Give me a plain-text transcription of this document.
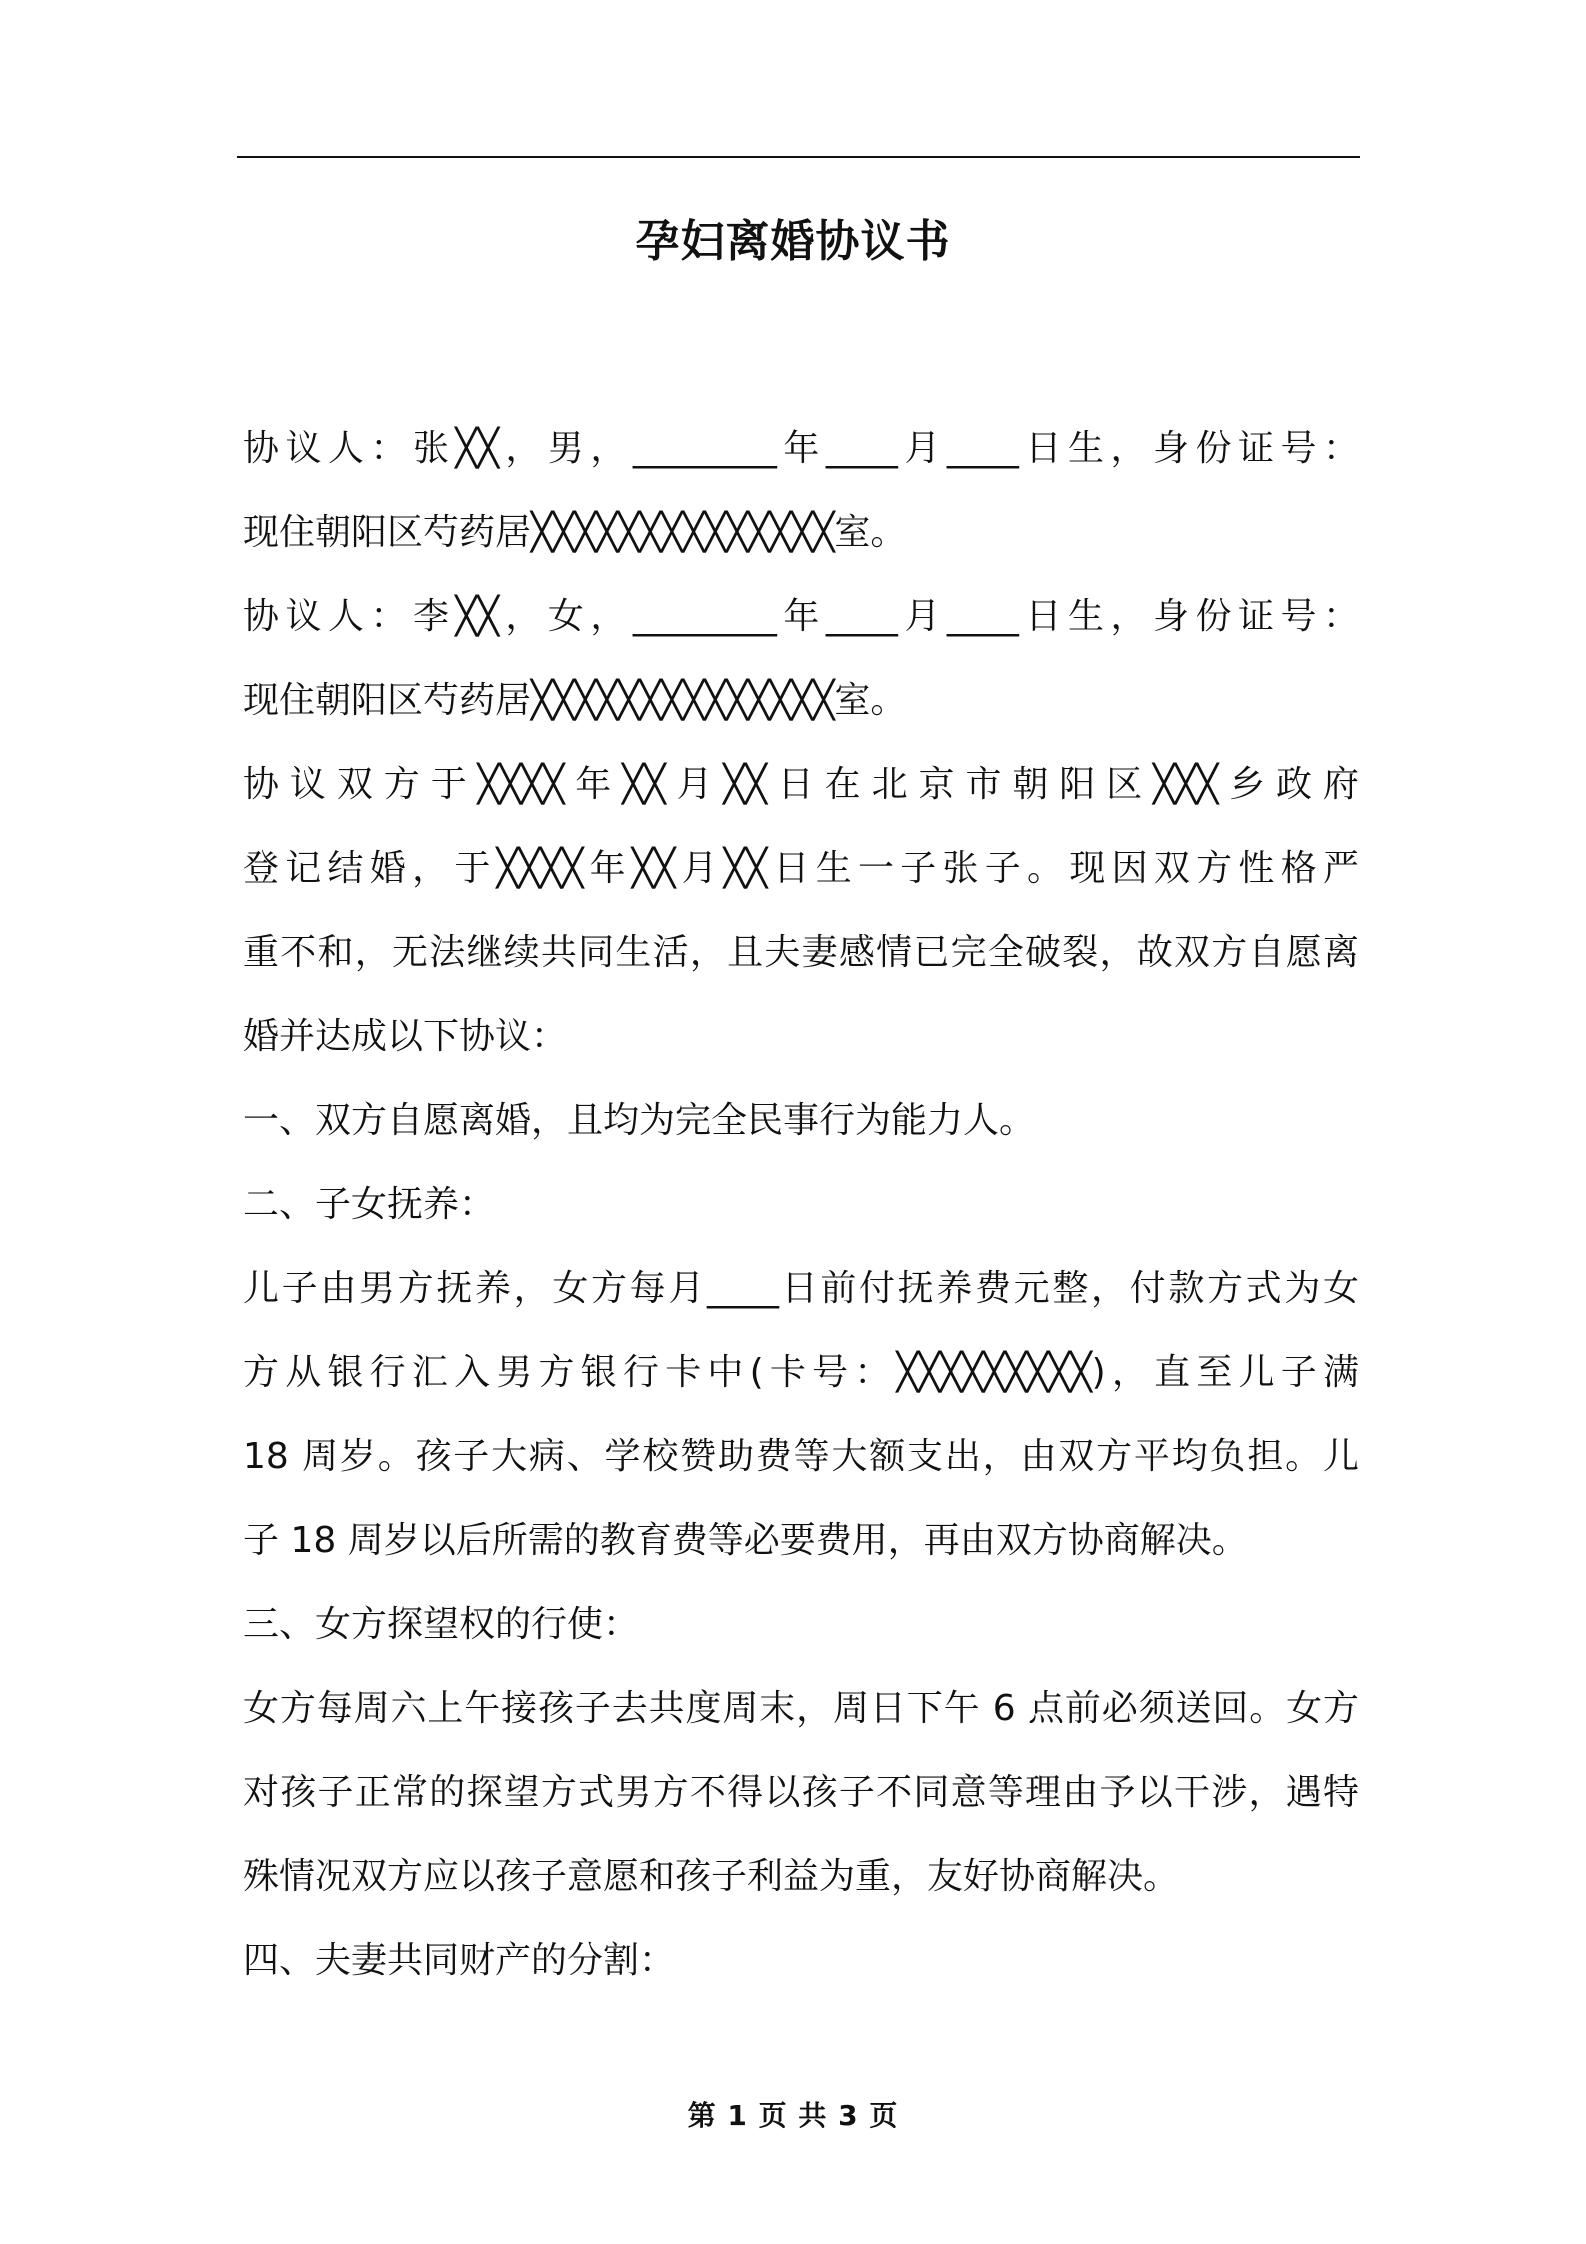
孕妇离婚协议书
协议人：张╳╳，男，________年____月____日生，身份证号：
现住朝阳区芍药居╳╳╳╳╳╳╳╳╳╳╳╳╳╳室。
协议人：李╳╳，女，________年____月____日生，身份证号：
现住朝阳区芍药居╳╳╳╳╳╳╳╳╳╳╳╳╳╳室。
协议双方于╳╳╳╳年╳╳月╳╳日在北京市朝阳区╳╳╳乡政府
登记结婚，于╳╳╳╳年╳╳月╳╳日生一子张子。现因双方性格严
重不和，无法继续共同生活，且夫妻感情已完全破裂，故双方自愿离
婚并达成以下协议：
一、双方自愿离婚，且均为完全民事行为能力人。
二、子女抚养：
儿子由男方抚养，女方每月____日前付抚养费元整，付款方式为女
方从银行汇入男方银行卡中(卡号：╳╳╳╳╳╳╳╳╳)，直至儿子满
18 周岁。孩子大病、学校赞助费等大额支出，由双方平均负担。儿
子 18 周岁以后所需的教育费等必要费用，再由双方协商解决。
三、女方探望权的行使：
女方每周六上午接孩子去共度周末，周日下午 6 点前必须送回。女方
对孩子正常的探望方式男方不得以孩子不同意等理由予以干涉，遇特
殊情况双方应以孩子意愿和孩子利益为重，友好协商解决。
四、夫妻共同财产的分割：
第 1 页 共 3 页
